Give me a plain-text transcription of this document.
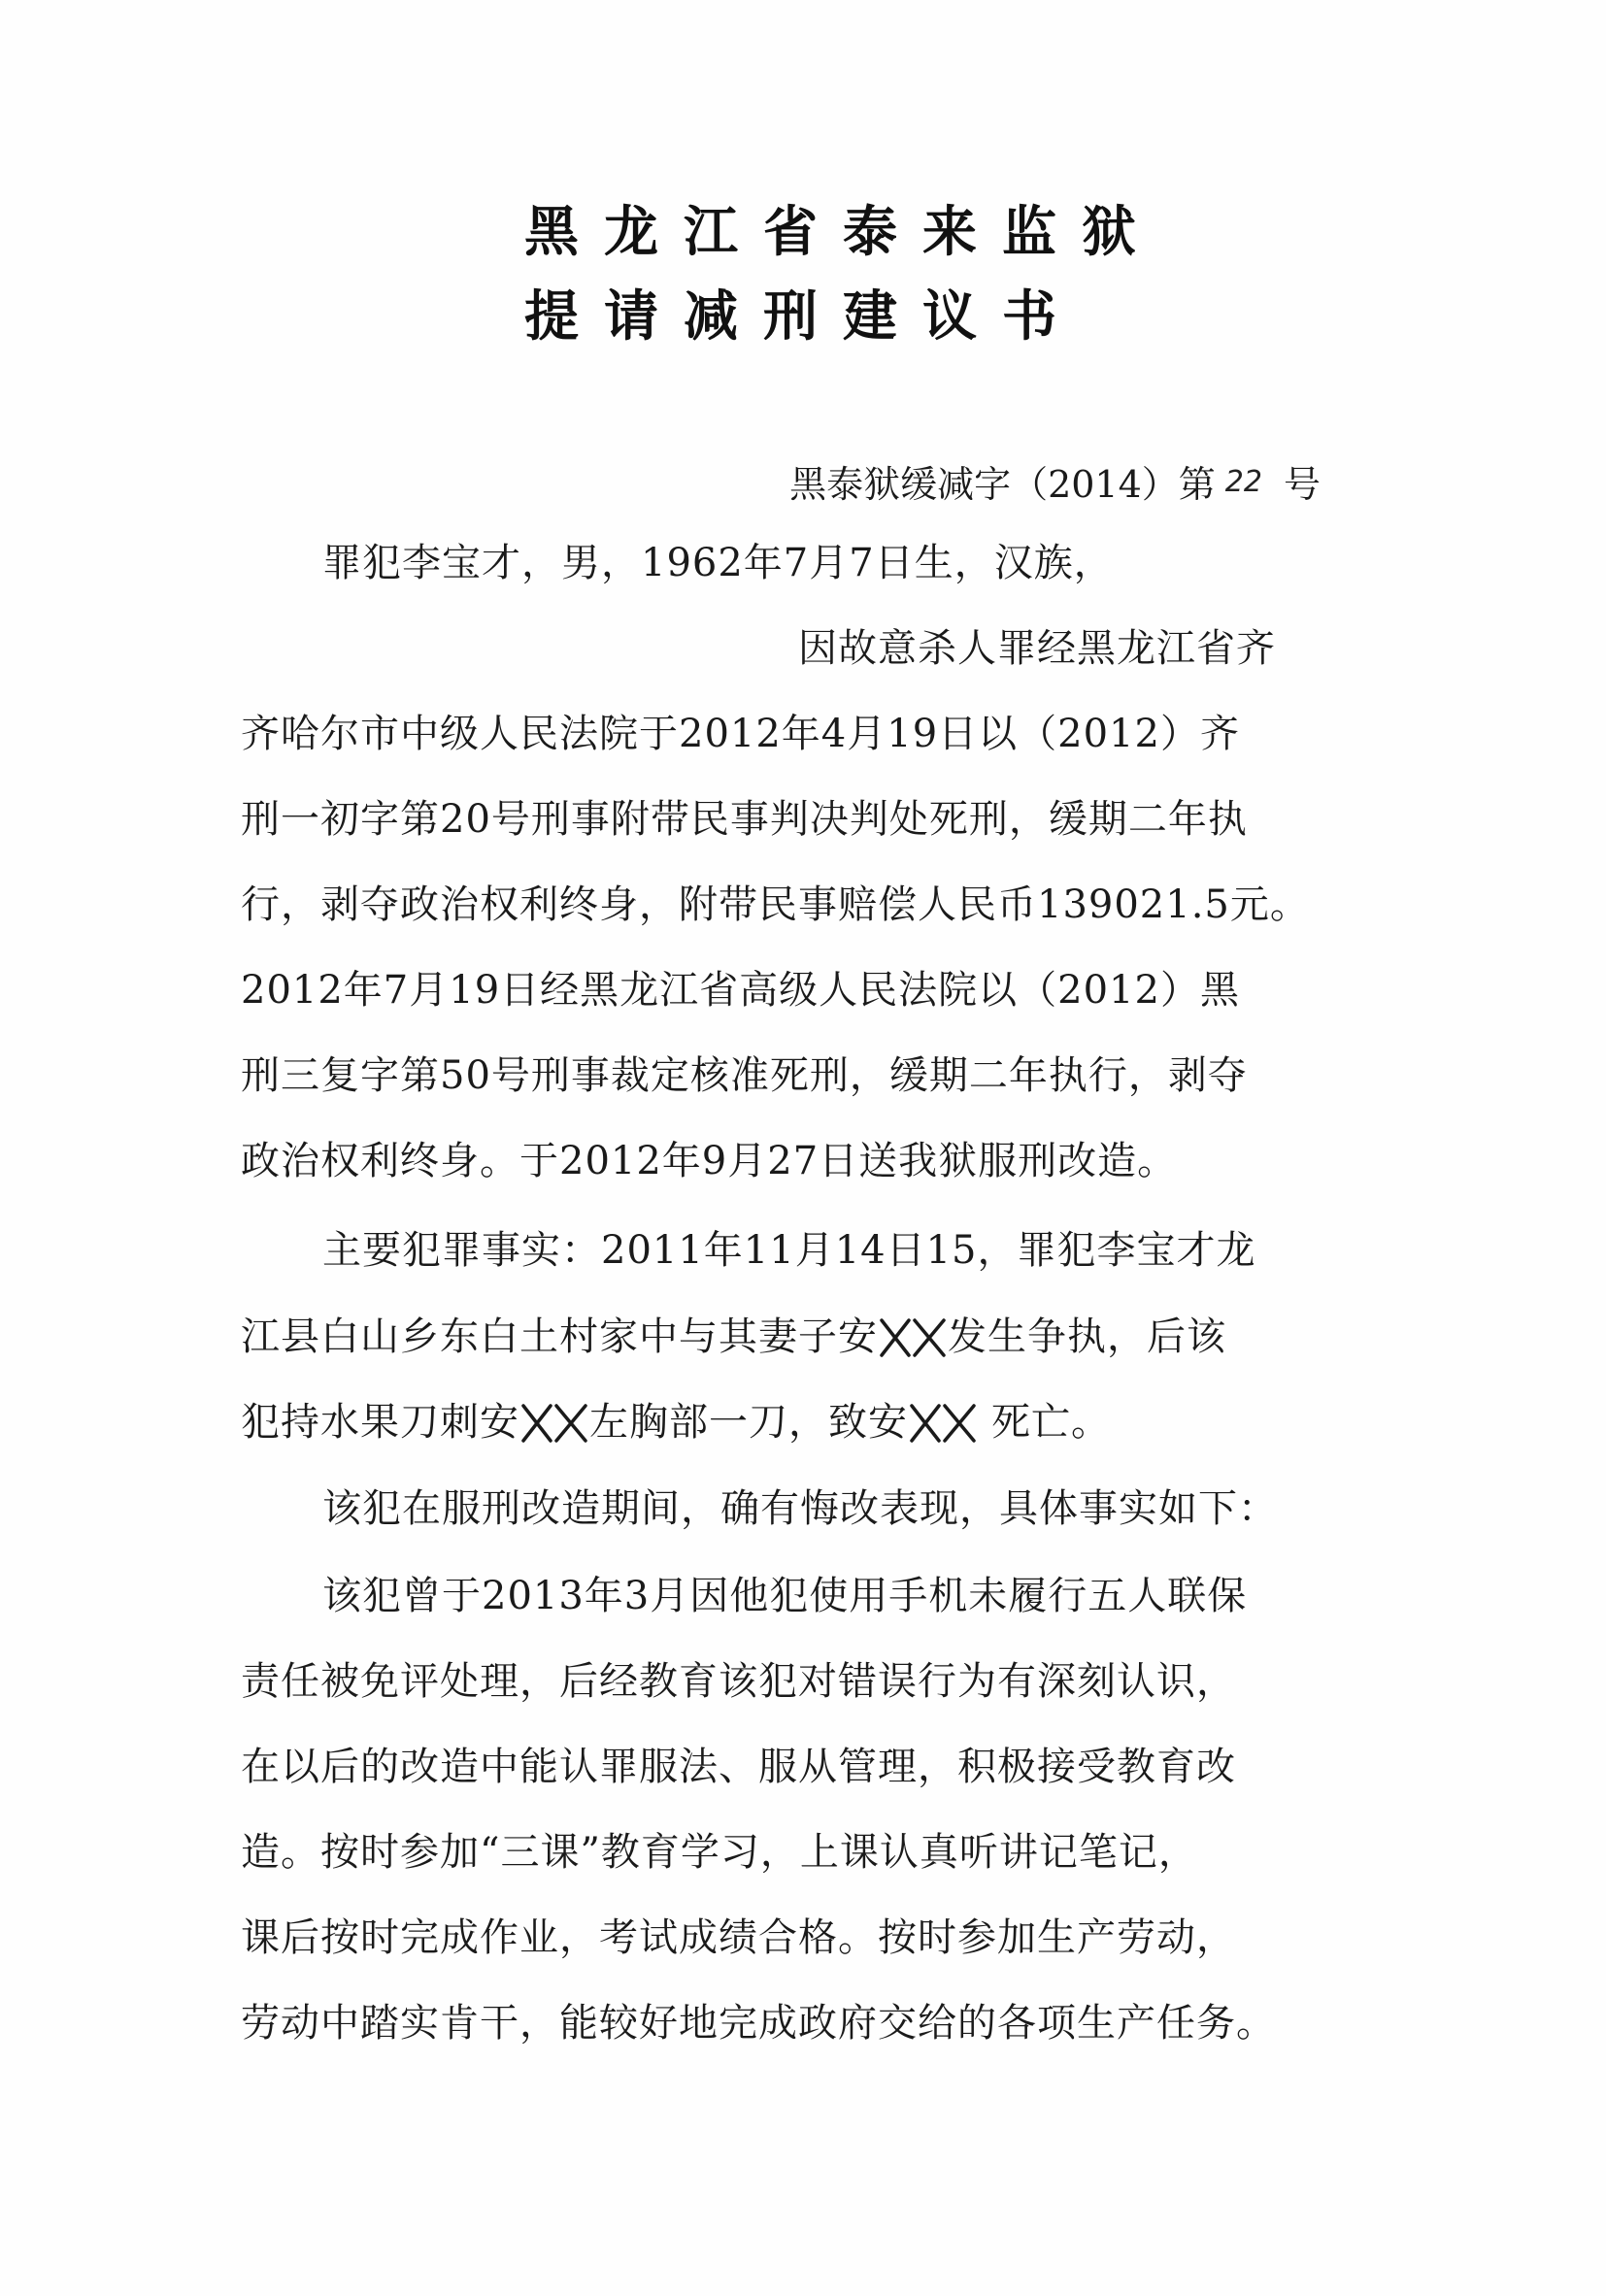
黑龙江省泰来监狱
提请减刑建议书
黑泰狱缓减字（2014）第 22 号
罪犯李宝才，男，1962年7月7日生，汉族，
因故意杀人罪经黑龙江省齐
齐哈尔市中级人民法院于2012年4月19日以（2012）齐
刑一初字第20号刑事附带民事判决判处死刑，缓期二年执
行，剥夺政治权利终身，附带民事赔偿人民币139021.5元。
2012年7月19日经黑龙江省高级人民法院以（2012）黑
刑三复字第50号刑事裁定核准死刑，缓期二年执行，剥夺
政治权利终身。于2012年9月27日送我狱服刑改造。
主要犯罪事实：2011年11月14日15，罪犯李宝才龙
江县白山乡东白土村家中与其妻子安 发生争执，后该
犯持水果刀刺安 左胸部一刀，致安 死亡。
该犯在服刑改造期间，确有悔改表现，具体事实如下：
该犯曾于2013年3月因他犯使用手机未履行五人联保
责任被免评处理，后经教育该犯对错误行为有深刻认识，
在以后的改造中能认罪服法、服从管理，积极接受教育改
造。按时参加“三课”教育学习，上课认真听讲记笔记，
课后按时完成作业，考试成绩合格。按时参加生产劳动，
劳动中踏实肯干，能较好地完成政府交给的各项生产任务。
